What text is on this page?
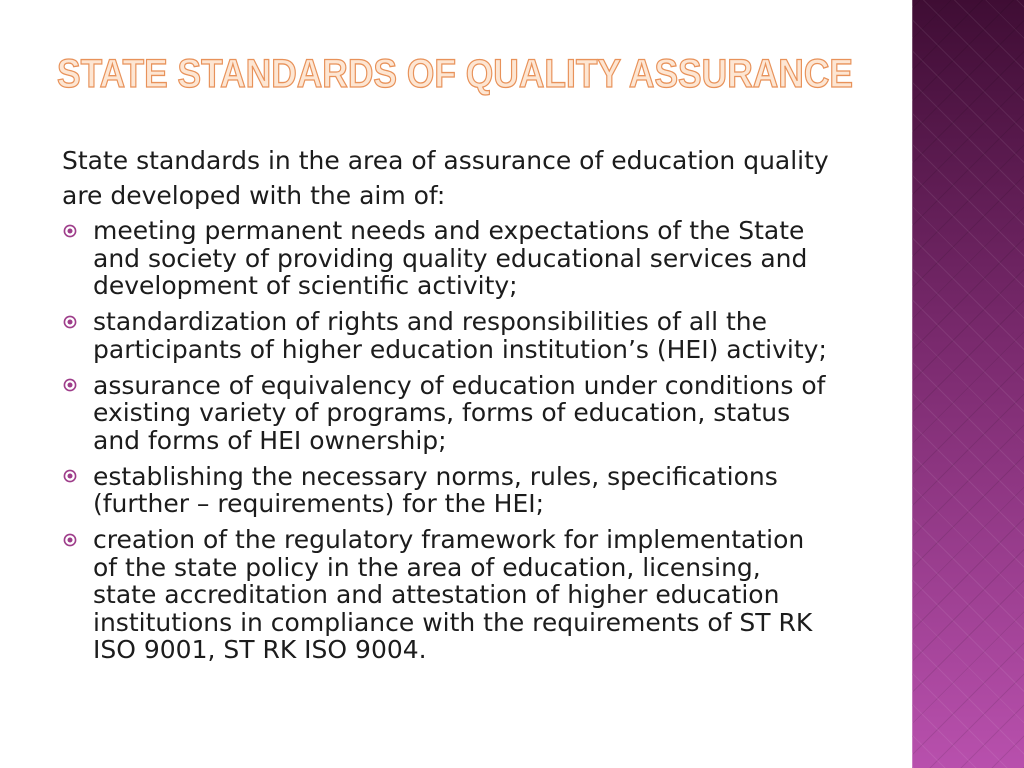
STATE STANDARDS OF QUALITY ASSURANCE
State standards in the area of assurance of education quality
are developed with the aim of:
meeting permanent needs and expectations of the State
and society of providing quality educational services and
development of scientific activity;
standardization of rights and responsibilities of all the
participants of higher education institution’s (HEI) activity;
assurance of equivalency of education under conditions of
existing variety of programs, forms of education, status
and forms of HEI ownership;
establishing the necessary norms, rules, specifications
(further – requirements) for the HEI;
creation of the regulatory framework for implementation
of the state policy in the area of education, licensing,
state accreditation and attestation of higher education
institutions in compliance with the requirements of ST RK
ISO 9001, ST RK ISO 9004.
